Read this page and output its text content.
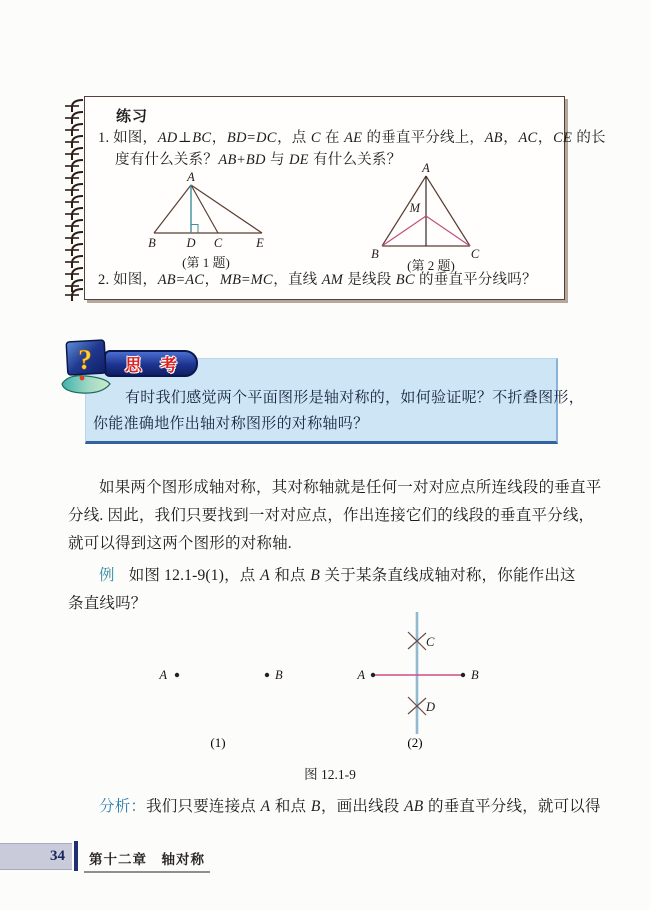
练习
1. 如图，AD⊥BC，BD=DC，点 C 在 AE 的垂直平分线上，AB，AC，CE 的长
度有什么关系？AB+BD 与 DE 有什么关系？
A
B D C	E
(第 1 题)
A
M
B	C
(第 2 题)
2. 如图，AB=AC，MB=MC，直线 AM 是线段 BC 的垂直平分线吗？
?	思 考
有时我们感觉两个平面图形是轴对称的，如何验证呢？不折叠图形，
你能准确地作出轴对称图形的对称轴吗？
如果两个图形成轴对称，其对称轴就是任何一对对应点所连线段的垂直平
分线. 因此，我们只要找到一对对应点，作出连接它们的线段的垂直平分线，
就可以得到这两个图形的对称轴.
例 如图 12.1-9(1)，点 A 和点 B 关于某条直线成轴对称，你能作出这
条直线吗？
A	B
(1)
A	B
C
D
(2)
图 12.1-9
分析：我们只要连接点 A 和点 B，画出线段 AB 的垂直平分线，就可以得
34 第十二章　轴对称
